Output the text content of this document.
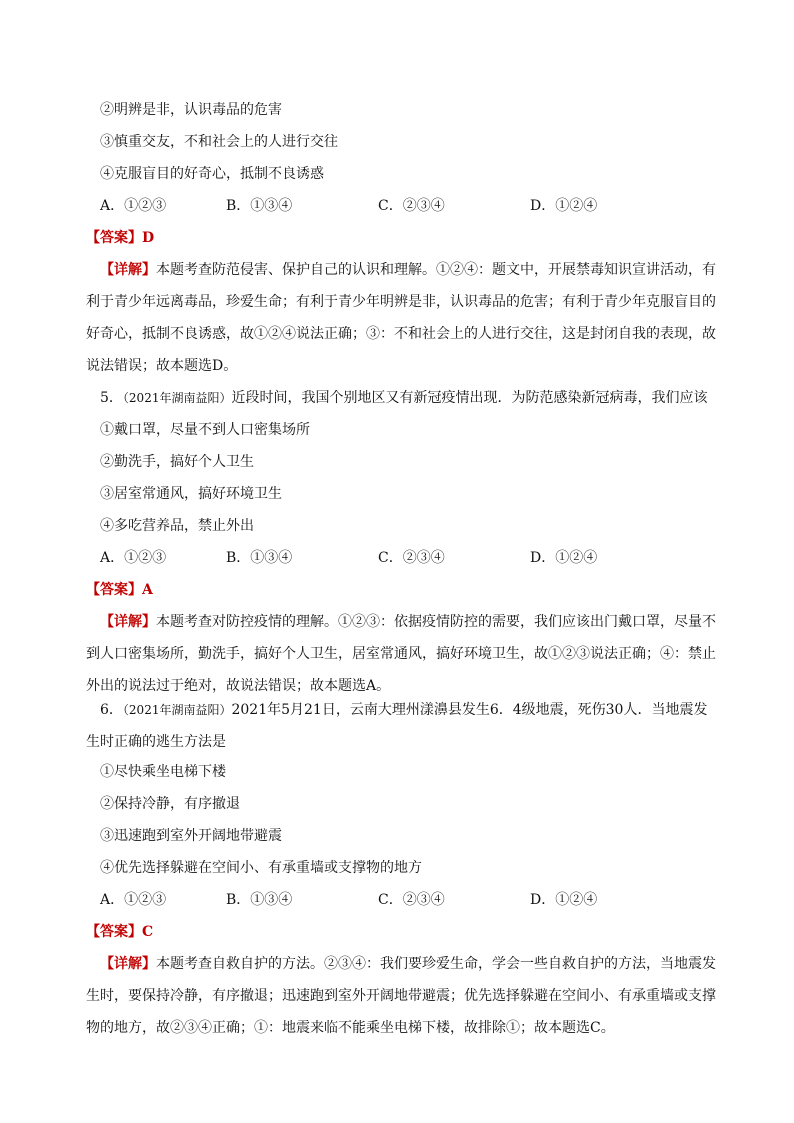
②明辨是非，认识毒品的危害
③慎重交友，不和社会上的人进行交往
④克服盲目的好奇心，抵制不良诱惑
A．①②③	B．①③④	C．②③④	D．①②④
【答案】D
【详解】本题考查防范侵害、保护自己的认识和理解。①②④：题文中，开展禁毒知识宣讲活动，有利于青少年远离毒品，珍爱生命；有利于青少年明辨是非，认识毒品的危害；有利于青少年克服盲目的好奇心，抵制不良诱惑，故①②④说法正确；③：不和社会上的人进行交往，这是封闭自我的表现，故说法错误；故本题选D。
5．（2021年湖南益阳）近段时间，我国个别地区又有新冠疫情出现．为防范感染新冠病毒，我们应该
①戴口罩，尽量不到人口密集场所
②勤洗手，搞好个人卫生
③居室常通风，搞好环境卫生
④多吃营养品，禁止外出
A．①②③	B．①③④	C．②③④	D．①②④
【答案】A
【详解】本题考查对防控疫情的理解。①②③：依据疫情防控的需要，我们应该出门戴口罩，尽量不到人口密集场所，勤洗手，搞好个人卫生，居室常通风，搞好环境卫生，故①②③说法正确；④：禁止外出的说法过于绝对，故说法错误；故本题选A。
6．（2021年湖南益阳）2021年5月21日，云南大理州漾濞县发生6．4级地震，死伤30人．当地震发生时正确的逃生方法是
①尽快乘坐电梯下楼
②保持冷静，有序撤退
③迅速跑到室外开阔地带避震
④优先选择躲避在空间小、有承重墙或支撑物的地方
A．①②③	B．①③④	C．②③④	D．①②④
【答案】C
【详解】本题考查自救自护的方法。②③④：我们要珍爱生命，学会一些自救自护的方法，当地震发生时，要保持冷静，有序撤退；迅速跑到室外开阔地带避震；优先选择躲避在空间小、有承重墙或支撑物的地方，故②③④正确；①：地震来临不能乘坐电梯下楼，故排除①；故本题选C。
